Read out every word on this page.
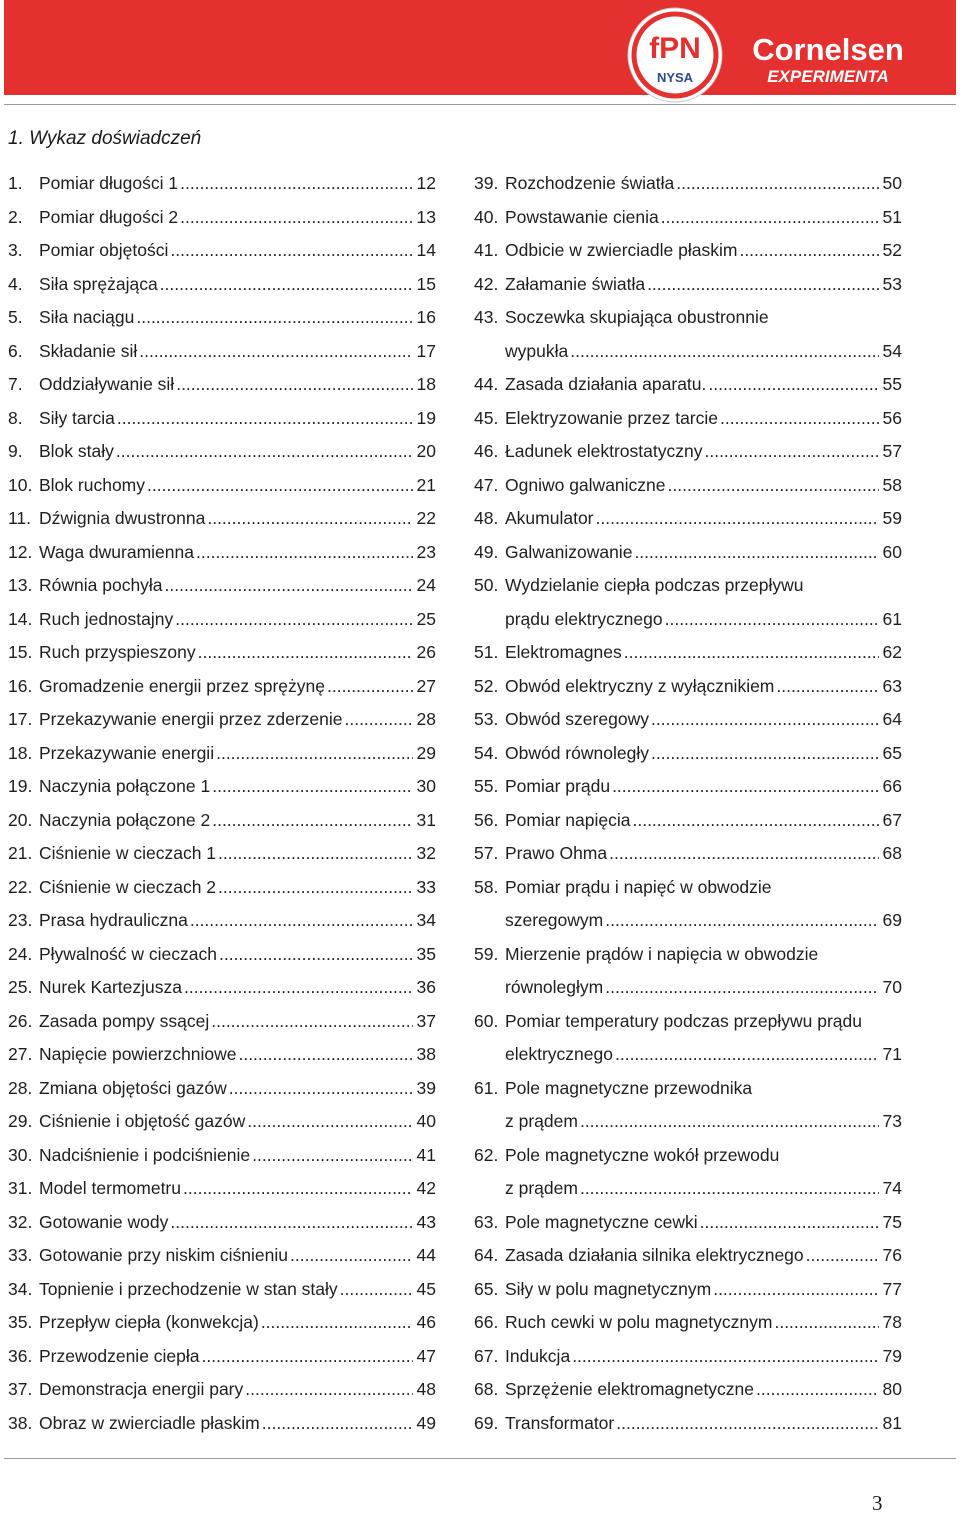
fPN
NYSA
Cornelsen
EXPERIMENTA
1. Wykaz doświadczeń
1. Pomiar długości 1 .....	12
2. Pomiar długości 2 .....	13
3. Pomiar objętości .....	14
4. Siła sprężająca .....	15
5. Siła naciągu .....	16
6. Składanie sił .....	17
7. Oddziaływanie sił .....	18
8. Siły tarcia .....	19
9. Blok stały .....	20
10. Blok ruchomy .....	21
11. Dźwignia dwustronna .....	22
12. Waga dwuramienna .....	23
13. Równia pochyła .....	24
14. Ruch jednostajny .....	25
15. Ruch przyspieszony .....	26
16. Gromadzenie energii przez sprężynę .....	27
17. Przekazywanie energii przez zderzenie .....	28
18. Przekazywanie energii .....	29
19. Naczynia połączone 1 .....	30
20. Naczynia połączone 2 .....	31
21. Ciśnienie w cieczach 1 .....	32
22. Ciśnienie w cieczach 2 .....	33
23. Prasa hydrauliczna .....	34
24. Pływalność w cieczach .....	35
25. Nurek Kartezjusza .....	36
26. Zasada pompy ssącej .....	37
27. Napięcie powierzchniowe .....	38
28. Zmiana objętości gazów .....	39
29. Ciśnienie i objętość gazów .....	40
30. Nadciśnienie i podciśnienie .....	41
31. Model termometru .....	42
32. Gotowanie wody .....	43
33. Gotowanie przy niskim ciśnieniu .....	44
34. Topnienie i przechodzenie w stan stały .....	45
35. Przepływ ciepła (konwekcja) .....	46
36. Przewodzenie ciepła .....	47
37. Demonstracja energii pary .....	48
38. Obraz w zwierciadle płaskim .....	49
39. Rozchodzenie światła .....	50
40. Powstawanie cienia .....	51
41. Odbicie w zwierciadle płaskim .....	52
42. Załamanie światła .....	53
43. Soczewka skupiająca obustronnie
wypukła .....	54
44. Zasada działania aparatu. .....	55
45. Elektryzowanie przez tarcie .....	56
46. Ładunek elektrostatyczny .....	57
47. Ogniwo galwaniczne .....	58
48. Akumulator .....	59
49. Galwanizowanie .....	60
50. Wydzielanie ciepła podczas przepływu
prądu elektrycznego .....	61
51. Elektromagnes .....	62
52. Obwód elektryczny z wyłącznikiem .....	63
53. Obwód szeregowy .....	64
54. Obwód równoległy .....	65
55. Pomiar prądu .....	66
56. Pomiar napięcia .....	67
57. Prawo Ohma .....	68
58. Pomiar prądu i napięć w obwodzie
szeregowym .....	69
59. Mierzenie prądów i napięcia w obwodzie
równoległym .....	70
60. Pomiar temperatury podczas przepływu prądu
elektrycznego .....	71
61. Pole magnetyczne przewodnika
z prądem .....	73
62. Pole magnetyczne wokół przewodu
z prądem .....	74
63. Pole magnetyczne cewki .....	75
64. Zasada działania silnika elektrycznego .....	76
65. Siły w polu magnetycznym .....	77
66. Ruch cewki w polu magnetycznym .....	78
67. Indukcja .....	79
68. Sprzężenie elektromagnetyczne .....	80
69. Transformator .....	81
3
